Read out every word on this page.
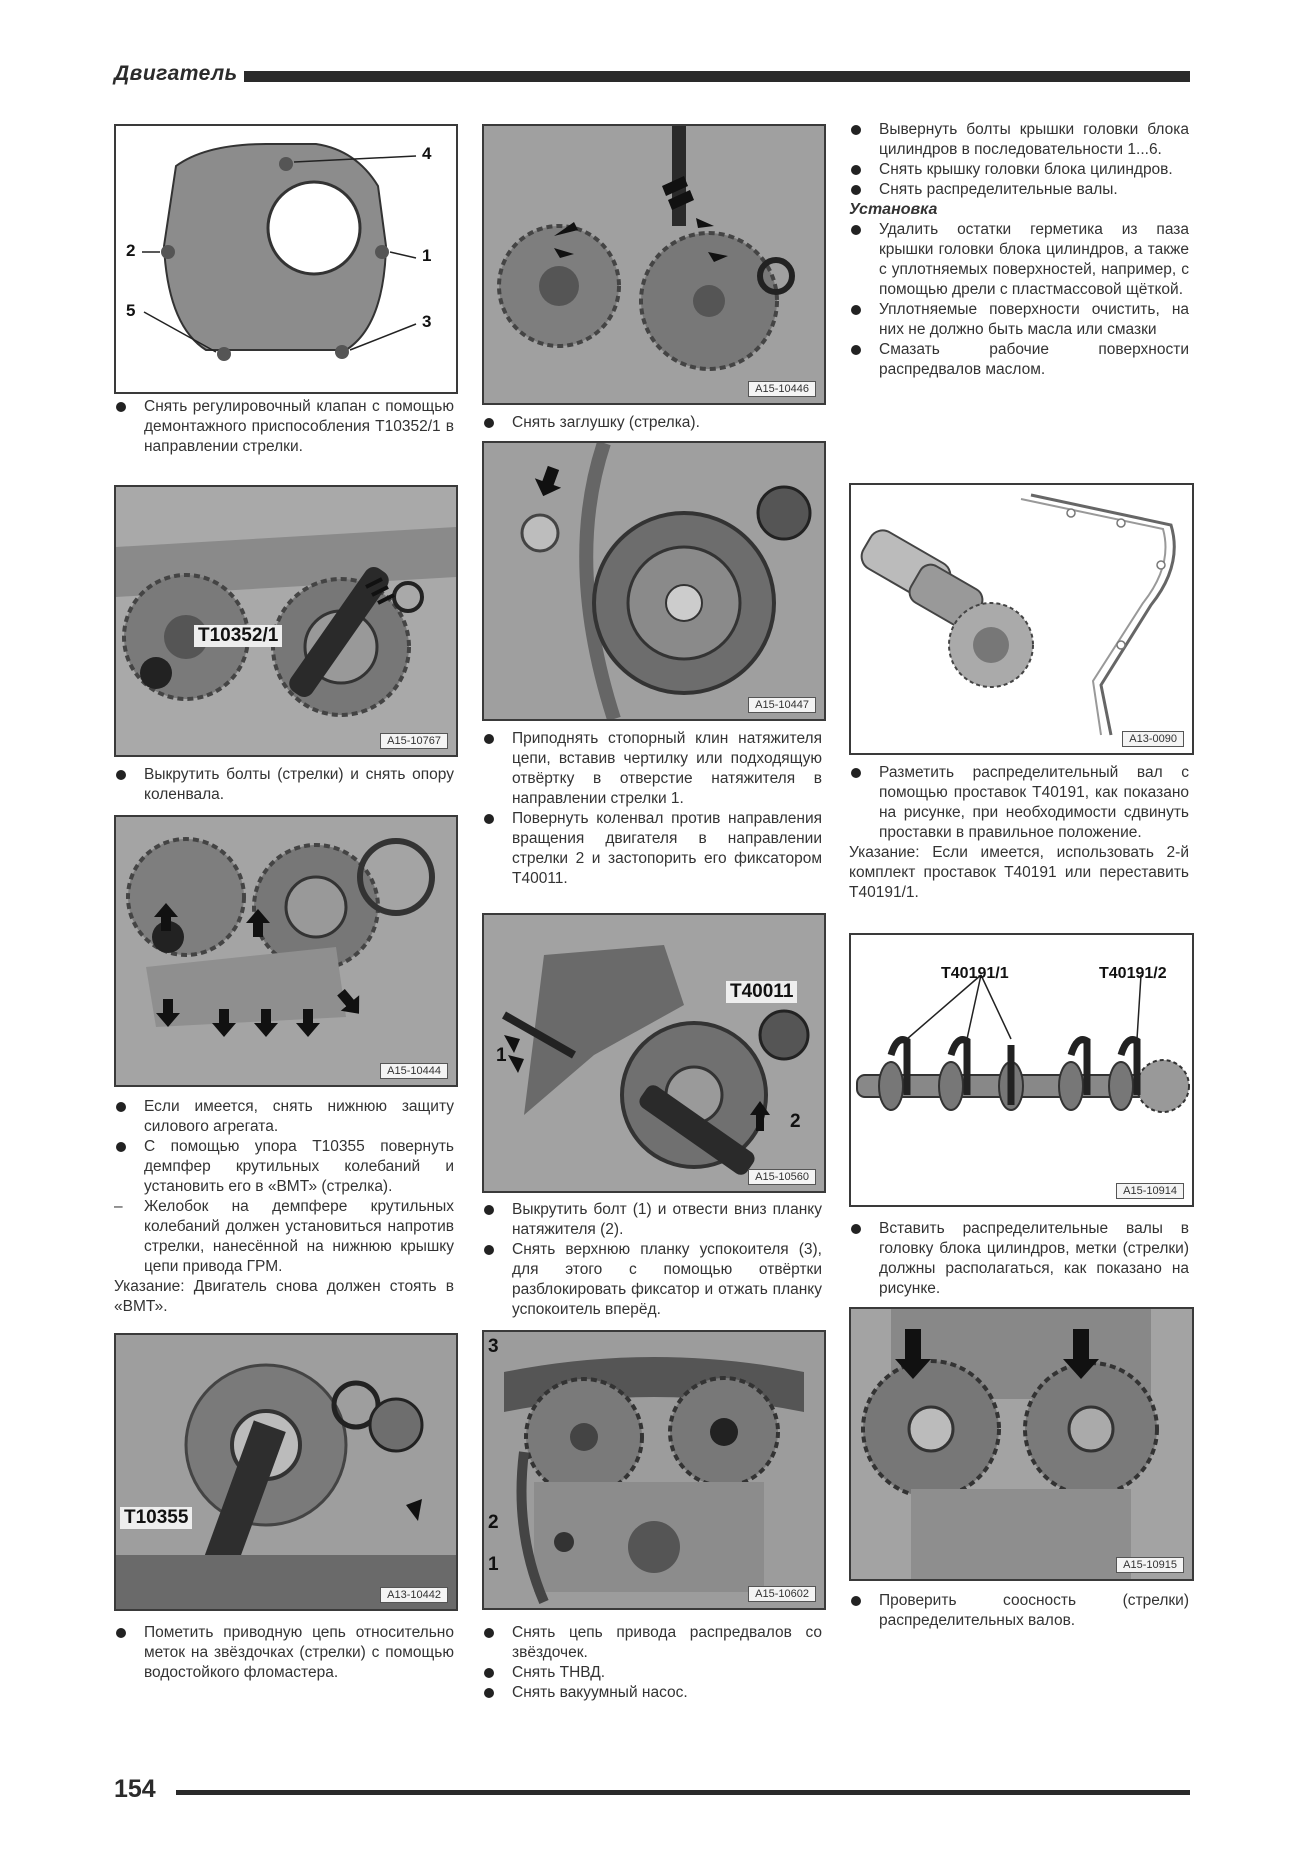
Двигатель
154
4
2	1
5
3

Снять регулировочный клапан с помощью демонтажного приспособления T10352/1 в направлении стрелки.

T10352/1
A15-10767

Выкрутить болты (стрелки) и снять опору коленвала.

A15-10444

Если имеется, снять нижнюю защиту силового агрегата.

С помощью упора T10355 повернуть демпфер крутильных колебаний и установить его в «ВМТ» (стрелка).

– Желобок на демпфере крутильных колебаний должен установиться напротив стрелки, нанесённой на нижнюю крышку цепи привода ГРМ.

Указание: Двигатель снова должен стоять в «ВМТ».

T10355
A13-10442

Пометить приводную цепь относительно меток на звёздочках (стрелки) с помощью водостойкого фломастера.

A15-10446

Снять заглушку (стрелка).

A15-10447

Приподнять стопорный клин натяжителя цепи, вставив чертилку или подходящую отвёртку в отверстие натяжителя в направлении стрелки 1.

Повернуть коленвал против направления вращения двигателя в направлении стрелки 2 и застопорить его фиксатором T40011.

T40011
1
2
A15-10560

Выкрутить болт (1) и отвести вниз планку натяжителя (2).

Снять верхнюю планку успокоителя (3), для этого с помощью отвёртки разблокировать фиксатор и отжать планку успокоитель вперёд.

3
2
1
A15-10602

Снять цепь привода распредвалов со звёздочек.

Снять ТНВД.

Снять вакуумный насос.

Вывернуть болты крышки головки блока цилиндров в последовательности 1...6.

Снять крышку головки блока цилиндров.

Снять распределительные валы.

Установка

Удалить остатки герметика из паза крышки головки блока цилиндров, а также с уплотняемых поверхностей, например, с помощью дрели с пластмассовой щёткой.

Уплотняемые поверхности очистить, на них не должно быть масла или смазки

Смазать рабочие поверхности распредвалов маслом.

A13-0090

Разметить распределительный вал с помощью проставок T40191, как показано на рисунке, при необходимости сдвинуть проставки в правильное положение.

Указание: Если имеется, использовать 2-й комплект проставок T40191 или переставить T40191/1.

T40191/1	T40191/2
A15-10914

Вставить распределительные валы в головку блока цилиндров, метки (стрелки) должны располагаться, как показано на рисунке.

A15-10915

Проверить соосность (стрелки) распределительных валов.
